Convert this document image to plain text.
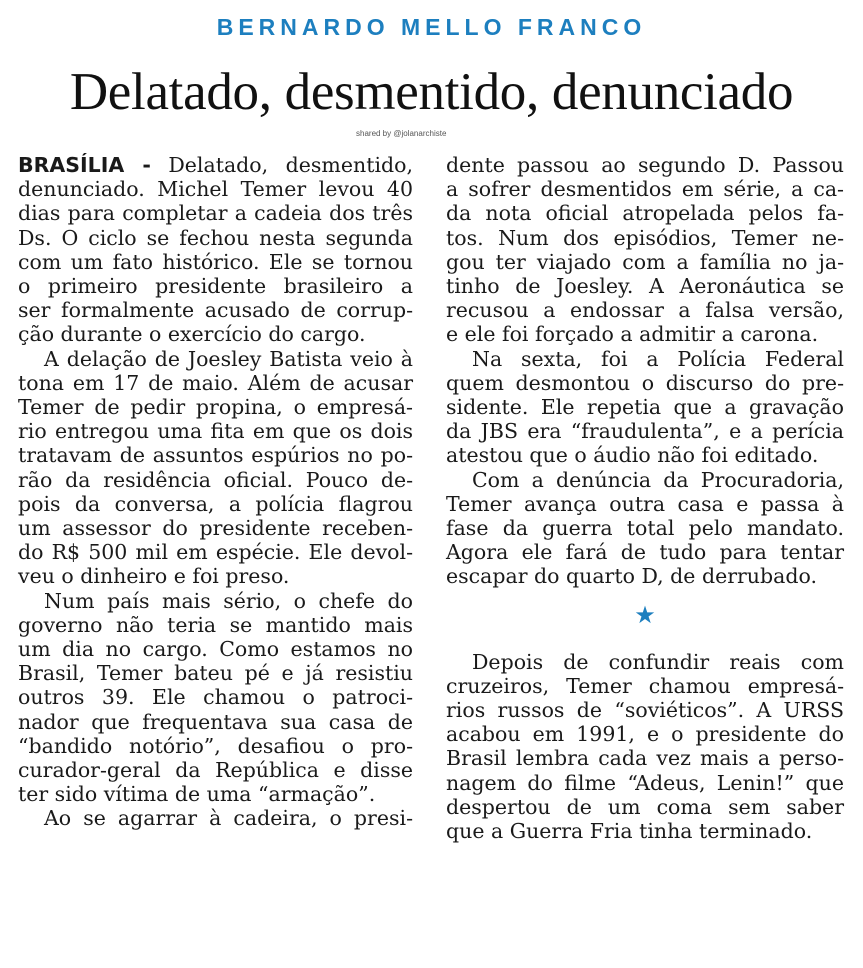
BERNARDO MELLO FRANCO
Delatado, desmentido, denunciado
shared by @jolanarchiste
BRASÍLIA - Delatado, desmentido,
denunciado. Michel Temer levou 40
dias para completar a cadeia dos três
Ds. O ciclo se fechou nesta segunda
com um fato histórico. Ele se tornou
o primeiro presidente brasileiro a
ser formalmente acusado de corrup-
ção durante o exercício do cargo.
A delação de Joesley Batista veio à
tona em 17 de maio. Além de acusar
Temer de pedir propina, o empresá-
rio entregou uma fita em que os dois
tratavam de assuntos espúrios no po-
rão da residência oficial. Pouco de-
pois da conversa, a polícia flagrou
um assessor do presidente receben-
do R$ 500 mil em espécie. Ele devol-
veu o dinheiro e foi preso.
Num país mais sério, o chefe do
governo não teria se mantido mais
um dia no cargo. Como estamos no
Brasil, Temer bateu pé e já resistiu
outros 39. Ele chamou o patroci-
nador que frequentava sua casa de
“bandido notório”, desafiou o pro-
curador-geral da República e disse
ter sido vítima de uma “armação”.
Ao se agarrar à cadeira, o presi-
dente passou ao segundo D. Passou
a sofrer desmentidos em série, a ca-
da nota oficial atropelada pelos fa-
tos. Num dos episódios, Temer ne-
gou ter viajado com a família no ja-
tinho de Joesley. A Aeronáutica se
recusou a endossar a falsa versão,
e ele foi forçado a admitir a carona.
Na sexta, foi a Polícia Federal
quem desmontou o discurso do pre-
sidente. Ele repetia que a gravação
da JBS era “fraudulenta”, e a perícia
atestou que o áudio não foi editado.
Com a denúncia da Procuradoria,
Temer avança outra casa e passa à
fase da guerra total pelo mandato.
Agora ele fará de tudo para tentar
escapar do quarto D, de derrubado.
★
Depois de confundir reais com
cruzeiros, Temer chamou empresá-
rios russos de “soviéticos”. A URSS
acabou em 1991, e o presidente do
Brasil lembra cada vez mais a perso-
nagem do filme “Adeus, Lenin!” que
despertou de um coma sem saber
que a Guerra Fria tinha terminado.
